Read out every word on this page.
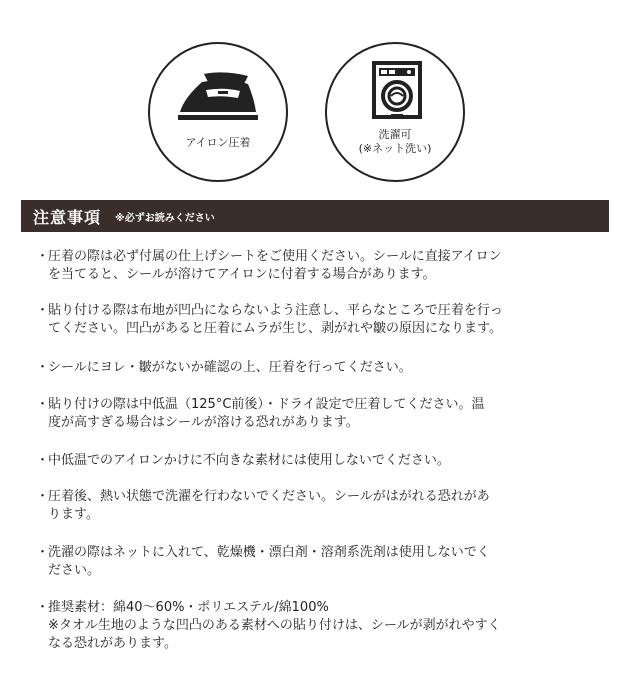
アイロン圧着
洗濯可
(※ネット洗い)
注意事項 ※必ずお読みください
・
圧着の際は必ず付属の仕上げシートをご使用ください。シールに直接アイロン
を当てると、シールが溶けてアイロンに付着する場合があります。
・
貼り付ける際は布地が凹凸にならないよう注意し、平らなところで圧着を行っ
てください。凹凸があると圧着にムラが生じ、剥がれや皺の原因になります。
・
シールにヨレ・皺がないか確認の上、圧着を行ってください。
・
貼り付けの際は中低温（125°C前後）・ドライ設定で圧着してください。温
度が高すぎる場合はシールが溶ける恐れがあります。
・
中低温でのアイロンかけに不向きな素材には使用しないでください。
・
圧着後、熱い状態で洗濯を行わないでください。シールがはがれる恐れがあ
ります。
・
洗濯の際はネットに入れて、乾燥機・漂白剤・溶剤系洗剤は使用しないでく
ださい。
・
推奨素材：綿40〜60%・ポリエステル/綿100%
※タオル生地のような凹凸のある素材への貼り付けは、シールが剥がれやすく
なる恐れがあります。
